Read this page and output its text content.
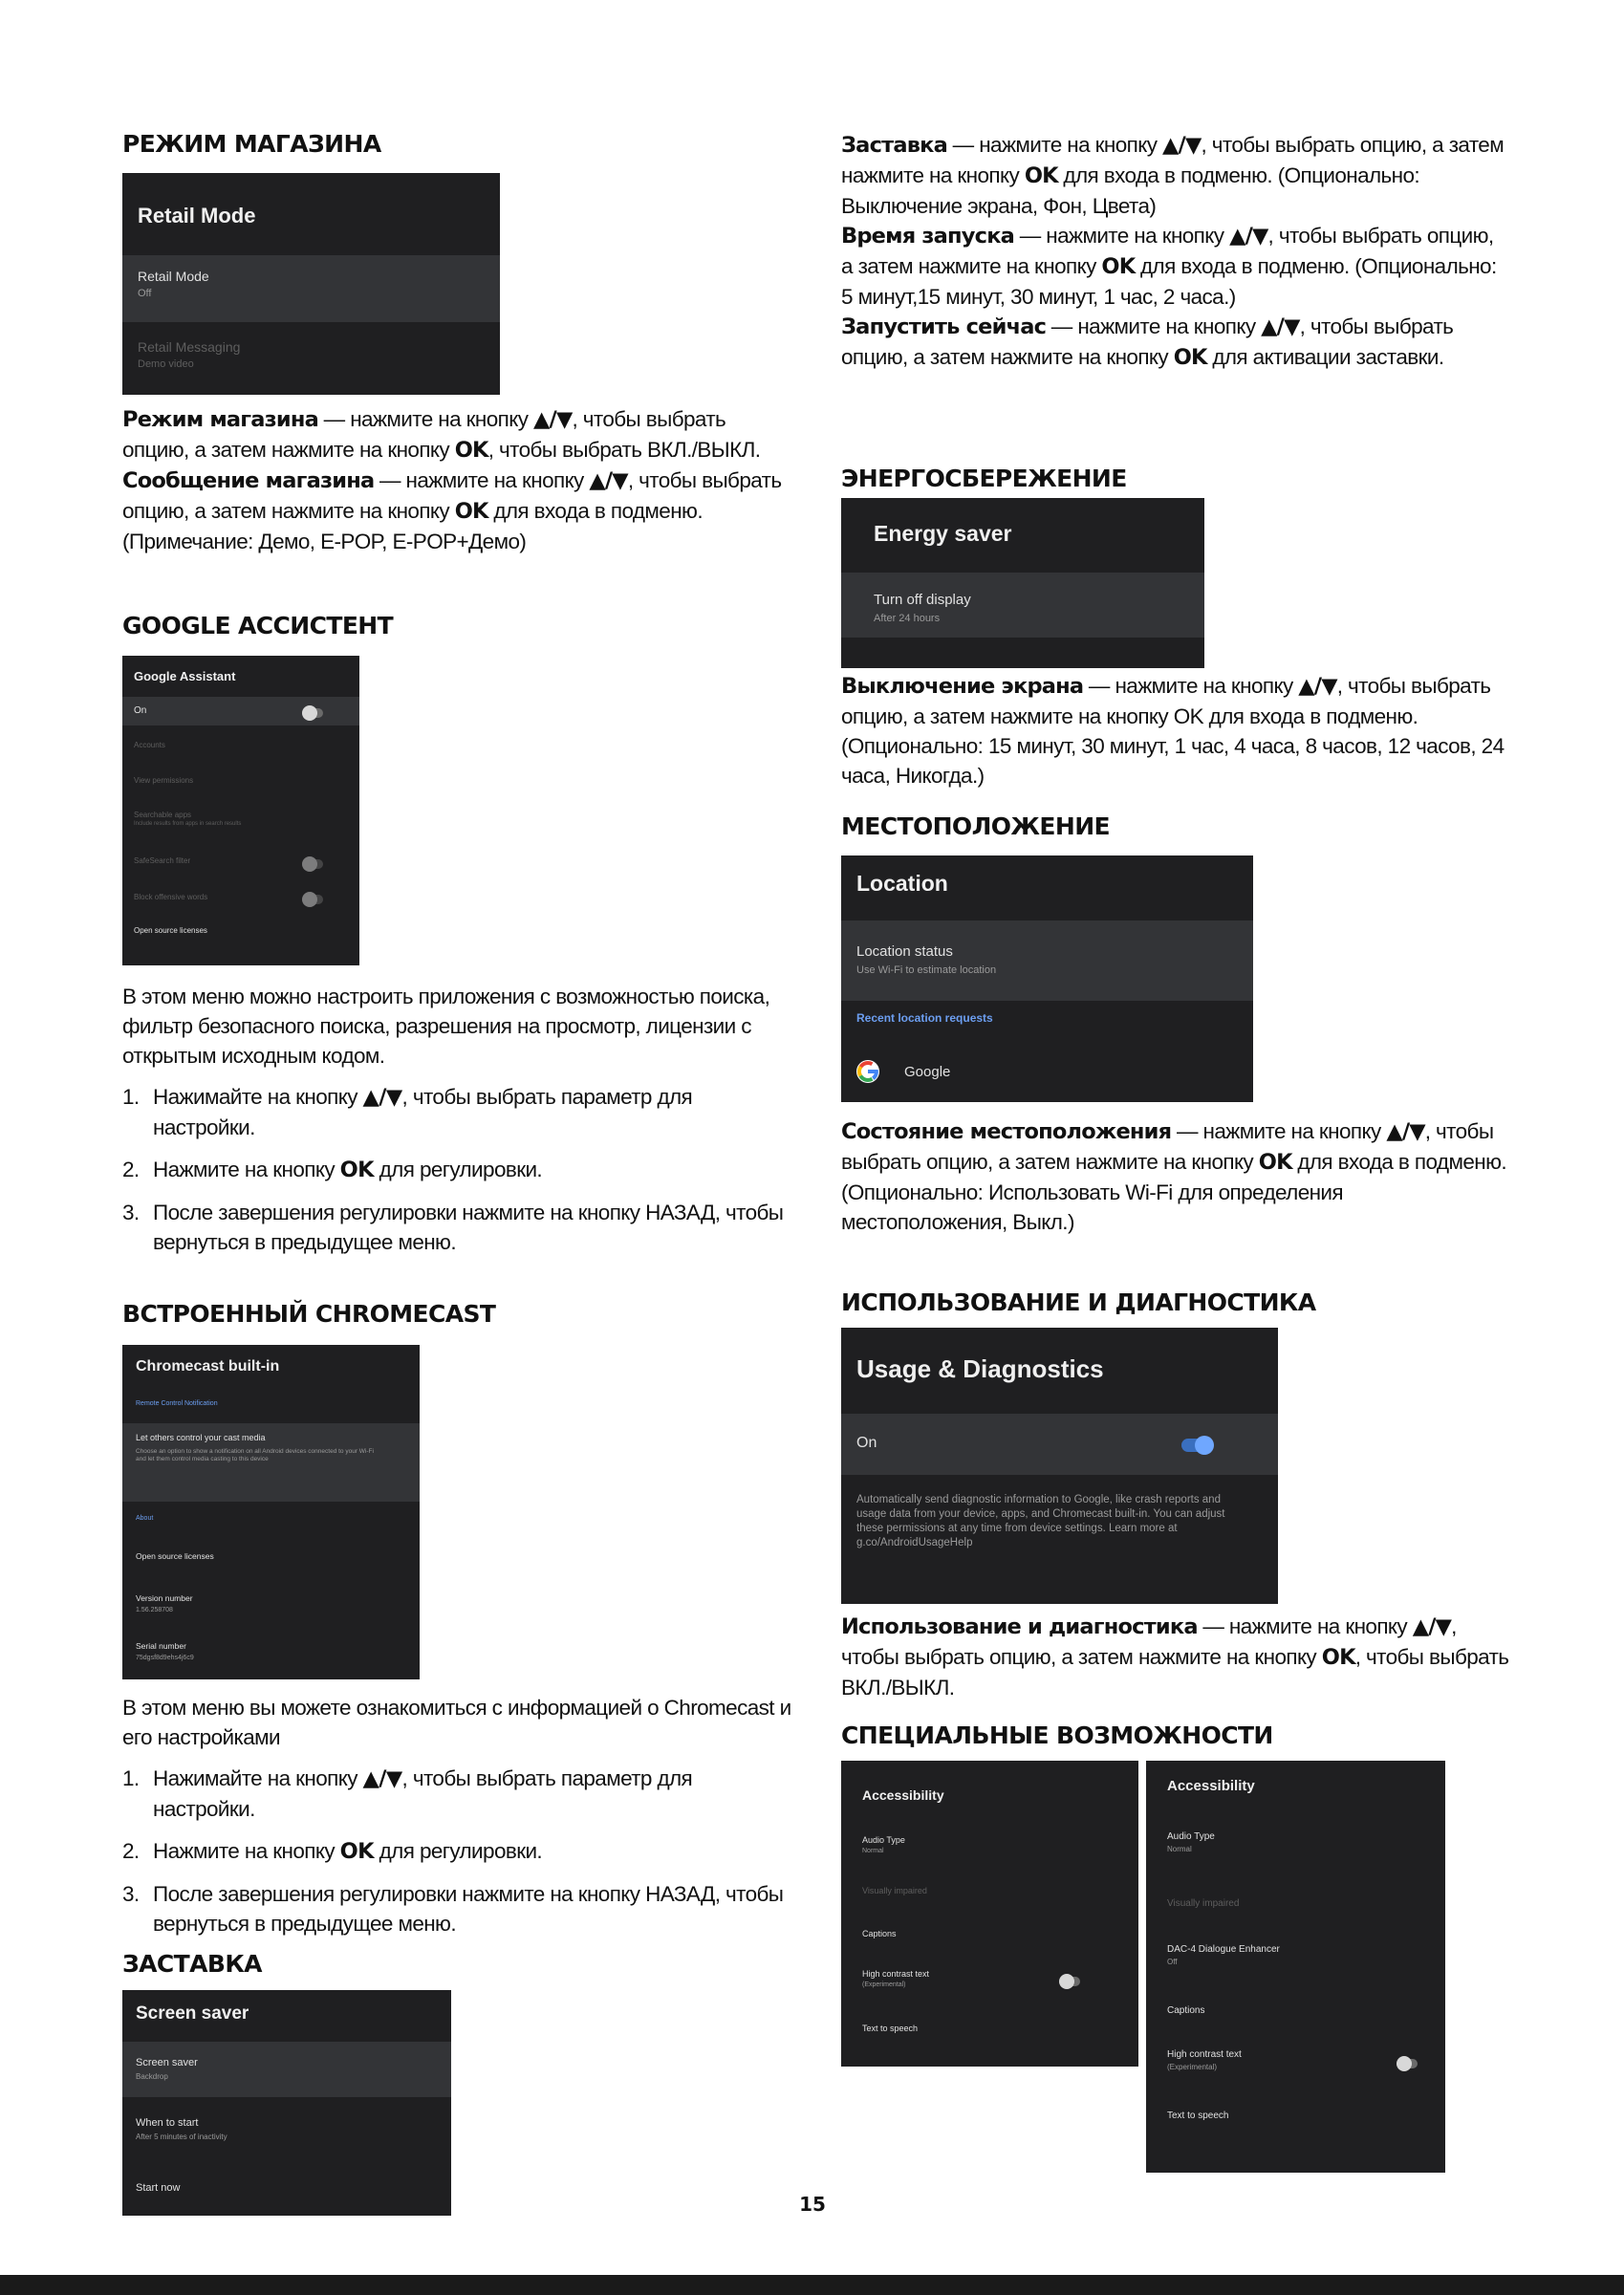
РЕЖИМ МАГАЗИНА
Retail Mode
Retail Mode
Off
Retail Messaging
Demo video

Режим магазина — нажмите на кнопку ▲/▼, чтобы выбрать опцию, а затем нажмите на кнопку OK, чтобы выбрать ВКЛ./ВЫКЛ.

Сообщение магазина — нажмите на кнопку ▲/▼, чтобы выбрать опцию, а затем нажмите на кнопку OK для входа в подменю. (Примечание: Демо, E-POP, E-POP+Демо)

GOOGLE АССИСТЕНТ
Google Assistant
On
Accounts
View permissions
Searchable apps
Include results from apps in search results
SafeSearch filter
Block offensive words
Open source licenses

В этом меню можно настроить приложения с возможностью поиска, фильтр безопасного поиска, разрешения на просмотр, лицензии с открытым исходным кодом.

1. Нажимайте на кнопку ▲/▼, чтобы выбрать параметр для настройки.
2. Нажмите на кнопку OK для регулировки.
3. После завершения регулировки нажмите на кнопку НАЗАД, чтобы вернуться в предыдущее меню.
ВСТРОЕННЫЙ CHROMECAST
Chromecast built-in
Remote Control Notification
Let others control your cast media
Choose an option to show a notification on all Android devices connected to your Wi-Fi and let them control media casting to this device
About
Open source licenses
Version number
1.56.258708
Serial number
75dgsf8d9ehs4j6c9

В этом меню вы можете ознакомиться с информацией о Chromecast и его настройками

1. Нажимайте на кнопку ▲/▼, чтобы выбрать параметр для настройки.
2. Нажмите на кнопку OK для регулировки.
3. После завершения регулировки нажмите на кнопку НАЗАД, чтобы вернуться в предыдущее меню.
ЗАСТАВКА
Screen saver
Screen saver
Backdrop
When to start
After 5 minutes of inactivity
Start now

Заставка — нажмите на кнопку ▲/▼, чтобы выбрать опцию, а затем нажмите на кнопку OK для входа в подменю. (Опционально: Выключение экрана, Фон, Цвета)

Время запуска — нажмите на кнопку ▲/▼, чтобы выбрать опцию, а затем нажмите на кнопку OK для входа в подменю. (Опционально: 5 минут,15 минут, 30 минут, 1 час, 2 часа.)

Запустить сейчас — нажмите на кнопку ▲/▼, чтобы выбрать опцию, а затем нажмите на кнопку OK для активации заставки.

ЭНЕРГОСБЕРЕЖЕНИЕ
Energy saver
Turn off display
After 24 hours

Выключение экрана — нажмите на кнопку ▲/▼, чтобы выбрать опцию, а затем нажмите на кнопку OK для входа в подменю. (Опционально: 15 минут, 30 минут, 1 час, 4 часа, 8 часов, 12 часов, 24 часа, Никогда.)

МЕСТОПОЛОЖЕНИЕ
Location
Location status
Use Wi-Fi to estimate location
Recent location requests
Google

Состояние местоположения — нажмите на кнопку ▲/▼, чтобы выбрать опцию, а затем нажмите на кнопку OK для входа в подменю.

(Опционально: Использовать Wi-Fi для определения местоположения, Выкл.)

ИСПОЛЬЗОВАНИЕ И ДИАГНОСТИКА
Usage & Diagnostics
On
Automatically send diagnostic information to Google, like crash reports and usage data from your device, apps, and Chromecast built-in. You can adjust these permissions at any time from device settings. Learn more at g.co/AndroidUsageHelp

Использование и диагностика — нажмите на кнопку ▲/▼, чтобы выбрать опцию, а затем нажмите на кнопку OK, чтобы выбрать ВКЛ./ВЫКЛ.

СПЕЦИАЛЬНЫЕ ВОЗМОЖНОСТИ
Accessibility
Audio Type
Normal
Visually impaired
Captions
High contrast text
(Experimental)
Text to speech
Accessibility
Audio Type
Normal
Visually impaired
DAC-4 Dialogue Enhancer
Off
Captions
High contrast text
(Experimental)
Text to speech
15
